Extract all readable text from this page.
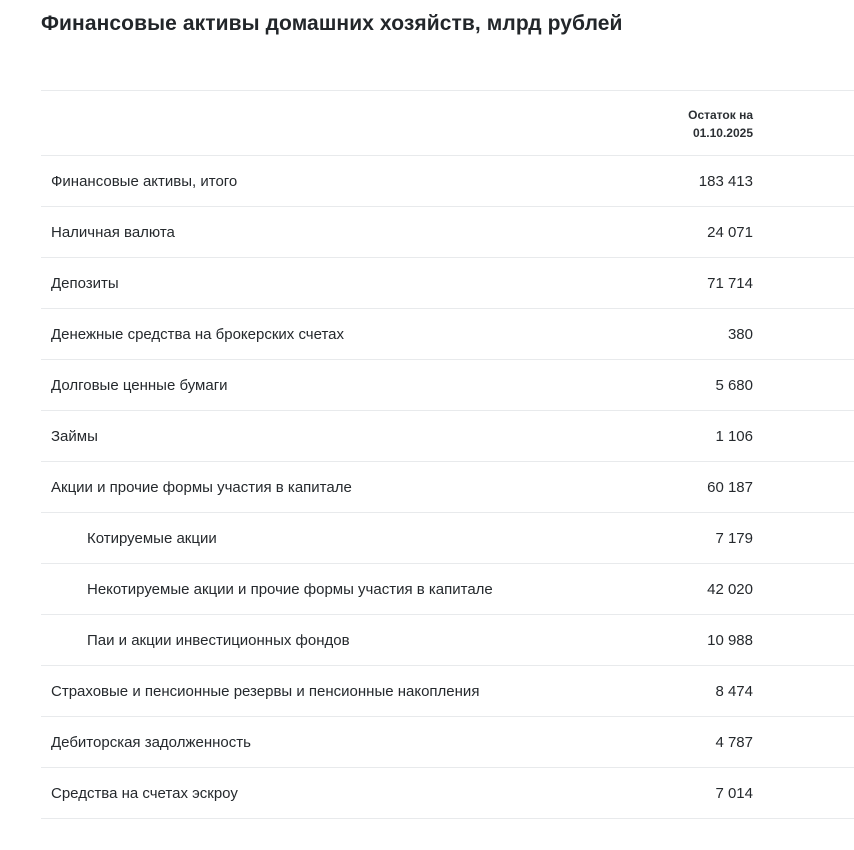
Финансовые активы домашних хозяйств, млрд рублей
Остаток на
01.10.2025
Финансовые активы, итого	183 413
Наличная валюта	24 071
Депозиты	71 714
Денежные средства на брокерских счетах	380
Долговые ценные бумаги	5 680
Займы	1 106
Акции и прочие формы участия в капитале	60 187
Котируемые акции	7 179
Некотируемые акции и прочие формы участия в капитале	42 020
Паи и акции инвестиционных фондов	10 988
Страховые и пенсионные резервы и пенсионные накопления	8 474
Дебиторская задолженность	4 787
Средства на счетах эскроу	7 014
